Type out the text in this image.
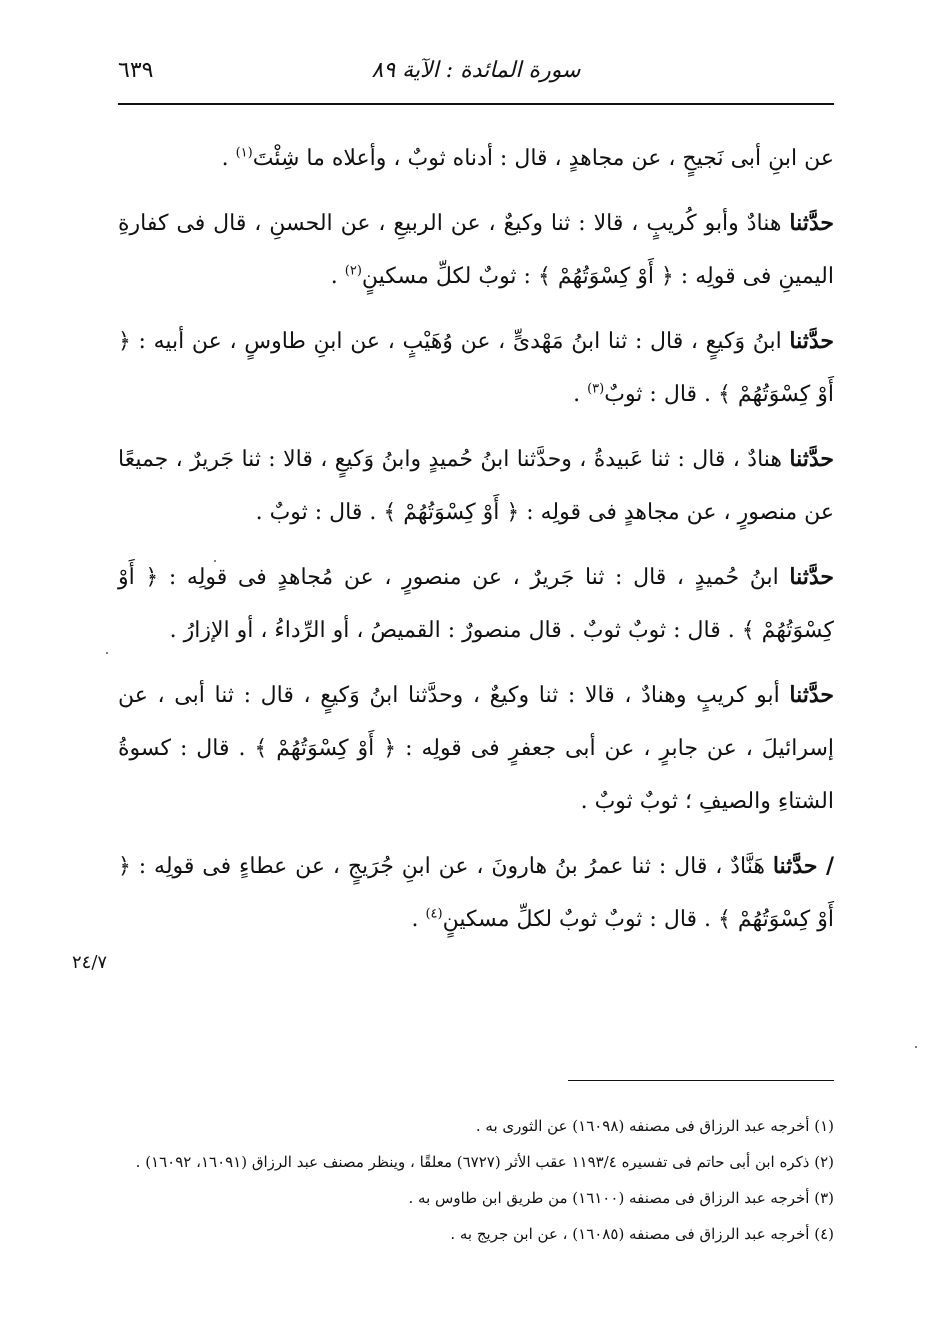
سورة المائدة : الآية ٨٩
٦٣٩

عن ابنِ أبى نَجيحٍ ، عن مجاهدٍ ، قال : أدناه ثوبٌ ، وأعلاه ما شِئْتَ$^{(١)}$ .

حدَّثنا هنادٌ وأبو كُريبٍ ، قالا : ثنا وكيعٌ ، عن الربيعِ ، عن الحسنِ ، قال فى كفارةِ اليمينِ فى قولِه : ﴿ أَوْ كِسْوَتُهُمْ ﴾ : ثوبٌ لكلِّ مسكينٍ$^{(٢)}$ .

حدَّثنا ابنُ وَكيعٍ ، قال : ثنا ابنُ مَهْدىٍّ ، عن وُهَيْبٍ ، عن ابنِ طاوسٍ ، عن أبيه : ﴿ أَوْ كِسْوَتُهُمْ ﴾ . قال : ثوبٌ$^{(٣)}$ .

حدَّثنا هنادٌ ، قال : ثنا عَبيدةُ ، وحدَّثنا ابنُ حُميدٍ وابنُ وَكيعٍ ، قالا : ثنا جَريرٌ ، جميعًا عن منصورٍ ، عن مجاهدٍ فى قولِه : ﴿ أَوْ كِسْوَتُهُمْ ﴾ . قال : ثوبٌ .

حدَّثنا ابنُ حُميدٍ ، قال : ثنا جَريرٌ ، عن منصورٍ ، عن مُجاهدٍ فى قولِه : ﴿ أَوْ كِسْوَتُهُمْ ﴾ . قال : ثوبٌ ثوبٌ . قال منصورٌ : القميصُ ، أو الرِّداءُ ، أو الإزارُ .

حدَّثنا أبو كريبٍ وهنادٌ ، قالا : ثنا وكيعٌ ، وحدَّثنا ابنُ وَكيعٍ ، قال : ثنا أبى ، عن إسرائيلَ ، عن جابرٍ ، عن أبى جعفرٍ فى قولِه : ﴿ أَوْ كِسْوَتُهُمْ ﴾ . قال : كسوةُ الشتاءِ والصيفِ ؛ ثوبٌ ثوبٌ .

/ حدَّثنا هَنَّادٌ ، قال : ثنا عمرُ بنُ هارونَ ، عن ابنِ جُرَيجٍ ، عن عطاءٍ فى قولِه : ﴿ أَوْ كِسْوَتُهُمْ ﴾ . قال : ثوبٌ ثوبٌ لكلِّ مسكينٍ$^{(٤)}$ .

٢٤/٧

(١) أخرجه عبد الرزاق فى مصنفه (١٦٠٩٨) عن الثورى به .

(٢) ذكره ابن أبى حاتم فى تفسيره ١١٩٣/٤ عقب الأثر (٦٧٢٧) معلقًا ، وينظر مصنف عبد الرزاق (١٦٠٩١، ١٦٠٩٢) .

(٣) أخرجه عبد الرزاق فى مصنفه (١٦١٠٠) من طريق ابن طاوس به .

(٤) أخرجه عبد الرزاق فى مصنفه (١٦٠٨٥) ، عن ابن جريج به .
